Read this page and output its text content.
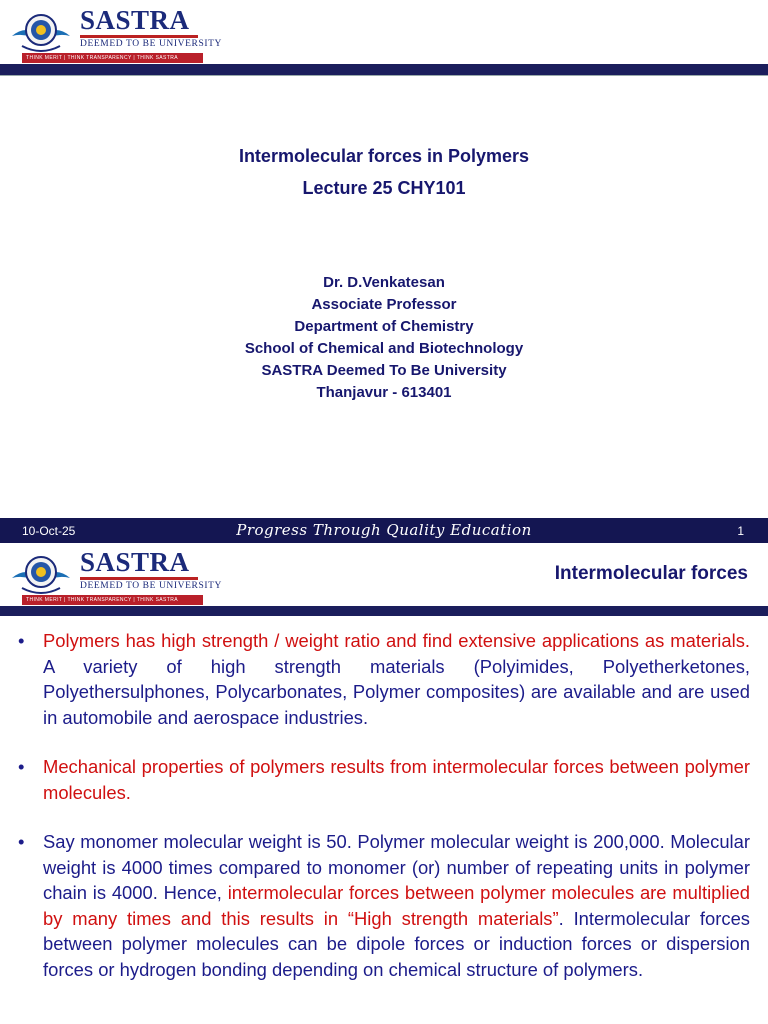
SASTRA
DEEMED TO BE UNIVERSITY
THINK MERIT | THINK TRANSPARENCY | THINK SASTRA
Intermolecular forces in Polymers
Lecture 25 CHY101
Dr. D.Venkatesan
Associate Professor
Department of Chemistry
School of Chemical and Biotechnology
SASTRA Deemed To Be University
Thanjavur - 613401
10-Oct-25	Progress Through Quality Education	1
SASTRA
DEEMED TO BE UNIVERSITY
THINK MERIT | THINK TRANSPARENCY | THINK SASTRA
Intermolecular forces
• Polymers has high strength / weight ratio and find extensive applications as materials. A variety of high strength materials (Polyimides, Polyetherketones, Polyethersulphones, Polycarbonates, Polymer composites) are available and are used in automobile and aerospace industries.
• Mechanical properties of polymers results from intermolecular forces between polymer molecules.
• Say monomer molecular weight is 50. Polymer molecular weight is 200,000. Molecular weight is 4000 times compared to monomer (or) number of repeating units in polymer chain is 4000. Hence, intermolecular forces between polymer molecules are multiplied by many times and this results in “High strength materials”. Intermolecular forces between polymer molecules can be dipole forces or induction forces or dispersion forces or hydrogen bonding depending on chemical structure of polymers.
